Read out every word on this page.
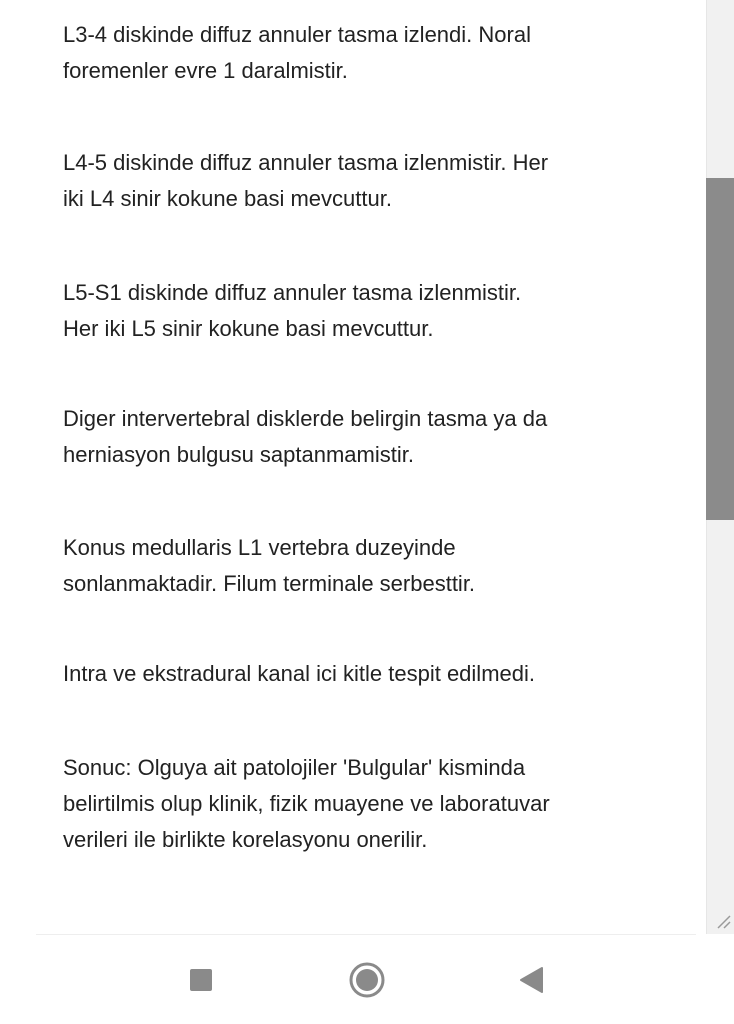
L3-4 diskinde diffuz annuler tasma izlendi. Noral
foremenler evre 1 daralmistir.

L4-5 diskinde diffuz annuler tasma izlenmistir. Her
iki L4 sinir kokune basi mevcuttur.

L5-S1 diskinde diffuz annuler tasma izlenmistir.
Her iki L5 sinir kokune basi mevcuttur.

Diger intervertebral disklerde belirgin tasma ya da
herniasyon bulgusu saptanmamistir.

Konus medullaris L1 vertebra duzeyinde
sonlanmaktadir. Filum terminale serbesttir.

Intra ve ekstradural kanal ici kitle tespit edilmedi.

Sonuc: Olguya ait patolojiler 'Bulgular' kisminda
belirtilmis olup klinik, fizik muayene ve laboratuvar
verileri ile birlikte korelasyonu onerilir.
